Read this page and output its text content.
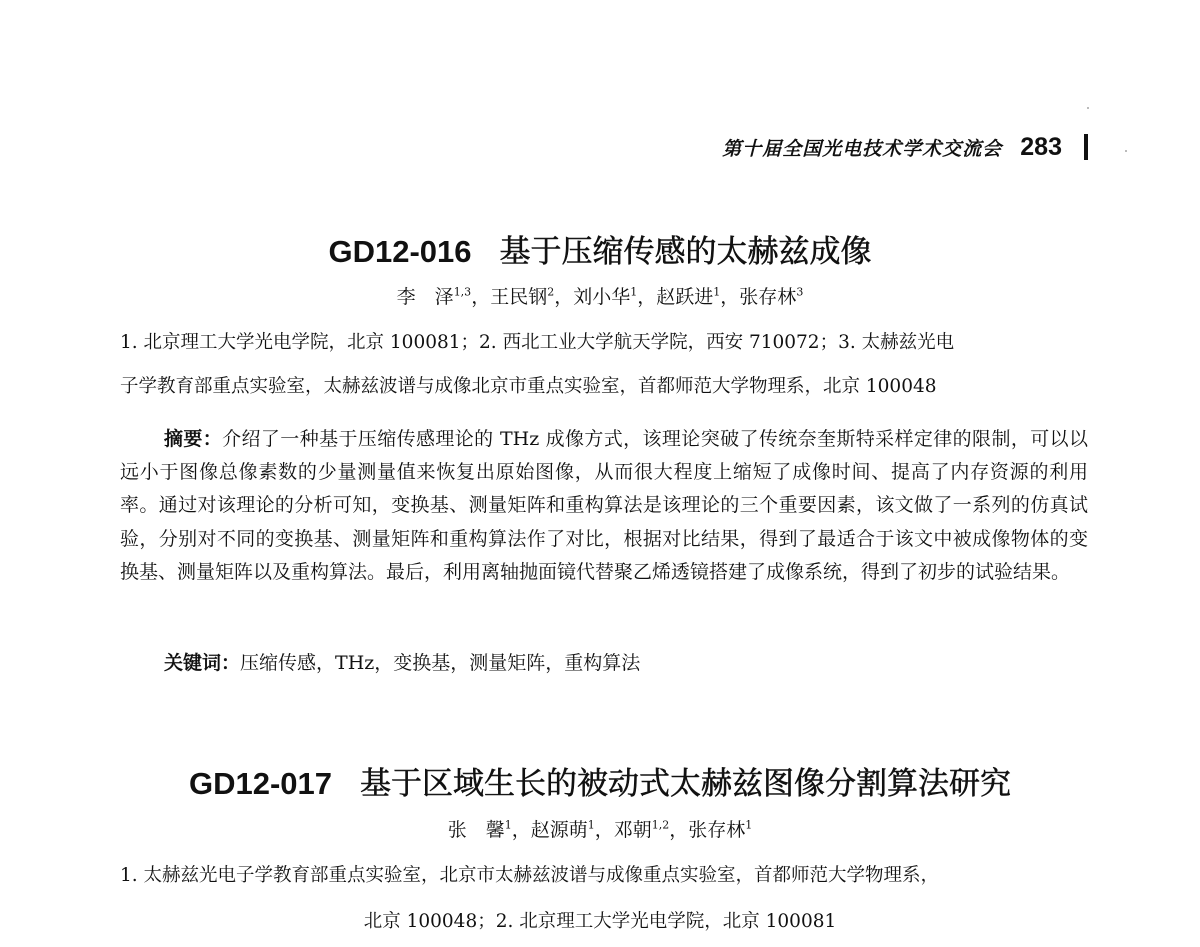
第十届全国光电技术学术交流会 283
GD12-016 基于压缩传感的太赫兹成像
李　泽$^{1,3}$，王民钢$^2$，刘小华$^1$，赵跃进$^1$，张存林$^3$
1. 北京理工大学光电学院，北京 100081；2. 西北工业大学航天学院，西安 710072；3. 太赫兹光电
子学教育部重点实验室，太赫兹波谱与成像北京市重点实验室，首都师范大学物理系，北京 100048
摘要：介绍了一种基于压缩传感理论的 THz 成像方式，该理论突破了传统奈奎斯特采样定律的限制，可以以远小于图像总像素数的少量测量值来恢复出原始图像，从而很大程度上缩短了成像时间、提高了内存资源的利用率。通过对该理论的分析可知，变换基、测量矩阵和重构算法是该理论的三个重要因素，该文做了一系列的仿真试验，分别对不同的变换基、测量矩阵和重构算法作了对比，根据对比结果，得到了最适合于该文中被成像物体的变换基、测量矩阵以及重构算法。最后，利用离轴抛面镜代替聚乙烯透镜搭建了成像系统，得到了初步的试验结果。
关键词：压缩传感，THz，变换基，测量矩阵，重构算法
GD12-017 基于区域生长的被动式太赫兹图像分割算法研究
张　馨$^1$，赵源萌$^1$，邓朝$^{1,2}$，张存林$^1$
1. 太赫兹光电子学教育部重点实验室，北京市太赫兹波谱与成像重点实验室，首都师范大学物理系，
北京 100048；2. 北京理工大学光电学院，北京 100081
